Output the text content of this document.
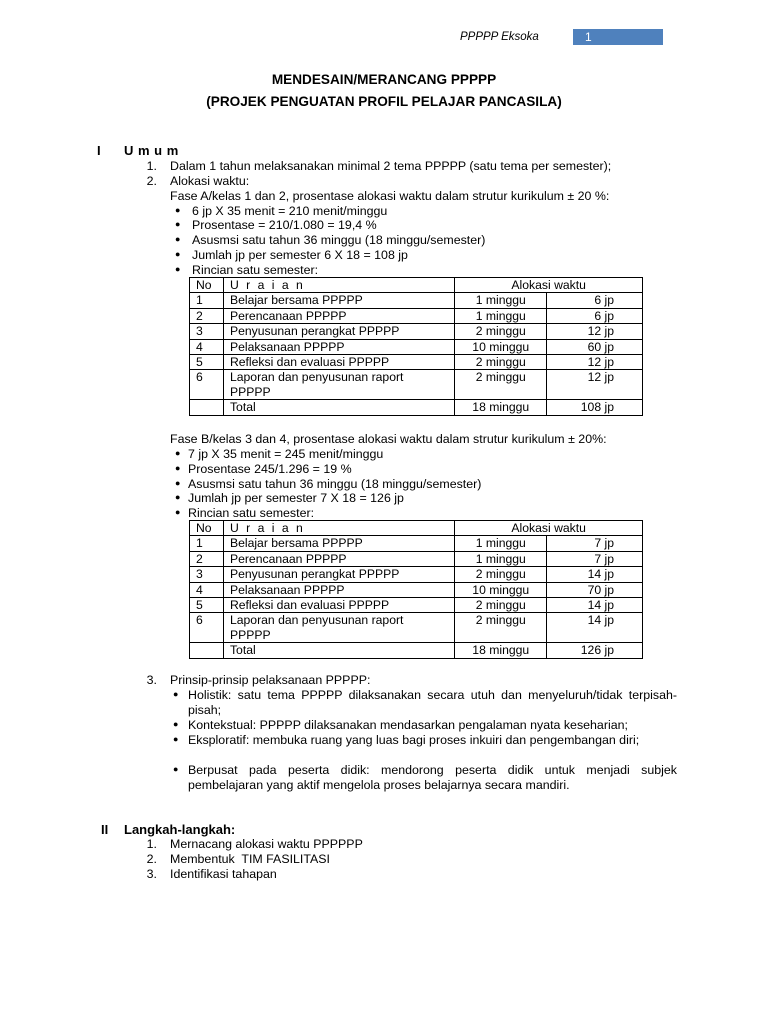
PPPPP Eksoka	1
MENDESAIN/MERANCANG PPPPP
(PROJEK PENGUATAN PROFIL PELAJAR PANCASILA)
I U m u m
1. Dalam 1 tahun melaksanakan minimal 2 tema PPPPP (satu tema per semester);
2. Alokasi waktu:
Fase A/kelas 1 dan 2, prosentase alokasi waktu dalam strutur kurikulum ± 20 %:
●
6 jp X 35 menit = 210 menit/minggu
●
Prosentase = 210/1.080 = 19,4 %
●
Asusmsi satu tahun 36 minggu (18 minggu/semester)
●
Jumlah jp per semester 6 X 18 = 108 jp
●
Rincian satu semester:
No	U r a i a n	Alokasi waktu	
1	Belajar bersama PPPPP	1 minggu	6 jp
2	Perencanaan PPPPP	1 minggu	6 jp
3	Penyusunan perangkat PPPPP	2 minggu	12 jp
4	Pelaksanaan PPPPP	10 minggu	60 jp
5	Refleksi dan evaluasi PPPPP	2 minggu	12 jp
6	Laporan dan penyusunan raport
PPPPP	2 minggu	12 jp
	Total	18 minggu	108 jp
Fase B/kelas 3 dan 4, prosentase alokasi waktu dalam strutur kurikulum ± 20%:
●
7 jp X 35 menit = 245 menit/minggu
●
Prosentase 245/1.296 = 19 %
●
Asusmsi satu tahun 36 minggu (18 minggu/semester)
●
Jumlah jp per semester 7 X 18 = 126 jp
●
Rincian satu semester:
No	U r a i a n	Alokasi waktu	
1	Belajar bersama PPPPP	1 minggu	7 jp
2	Perencanaan PPPPP	1 minggu	7 jp
3	Penyusunan perangkat PPPPP	2 minggu	14 jp
4	Pelaksanaan PPPPP	10 minggu	70 jp
5	Refleksi dan evaluasi PPPPP	2 minggu	14 jp
6	Laporan dan penyusunan raport
PPPPP	2 minggu	14 jp
	Total	18 minggu	126 jp
3. Prinsip-prinsip pelaksanaan PPPPP:
●
Holistik: satu tema PPPPP dilaksanakan secara utuh dan menyeluruh/tidak terpisah-pisah;
●
Kontekstual: PPPPP dilaksanakan mendasarkan pengalaman nyata keseharian;
●
Eksploratif: membuka ruang yang luas bagi proses inkuiri dan pengembangan diri;
●
Berpusat pada peserta didik: mendorong peserta didik untuk menjadi subjek pembelajaran yang aktif mengelola proses belajarnya secara mandiri.
II Langkah-langkah:
1. Mernacang alokasi waktu PPPPPP
2. Membentuk  TIM FASILITASI
3. Identifikasi tahapan
